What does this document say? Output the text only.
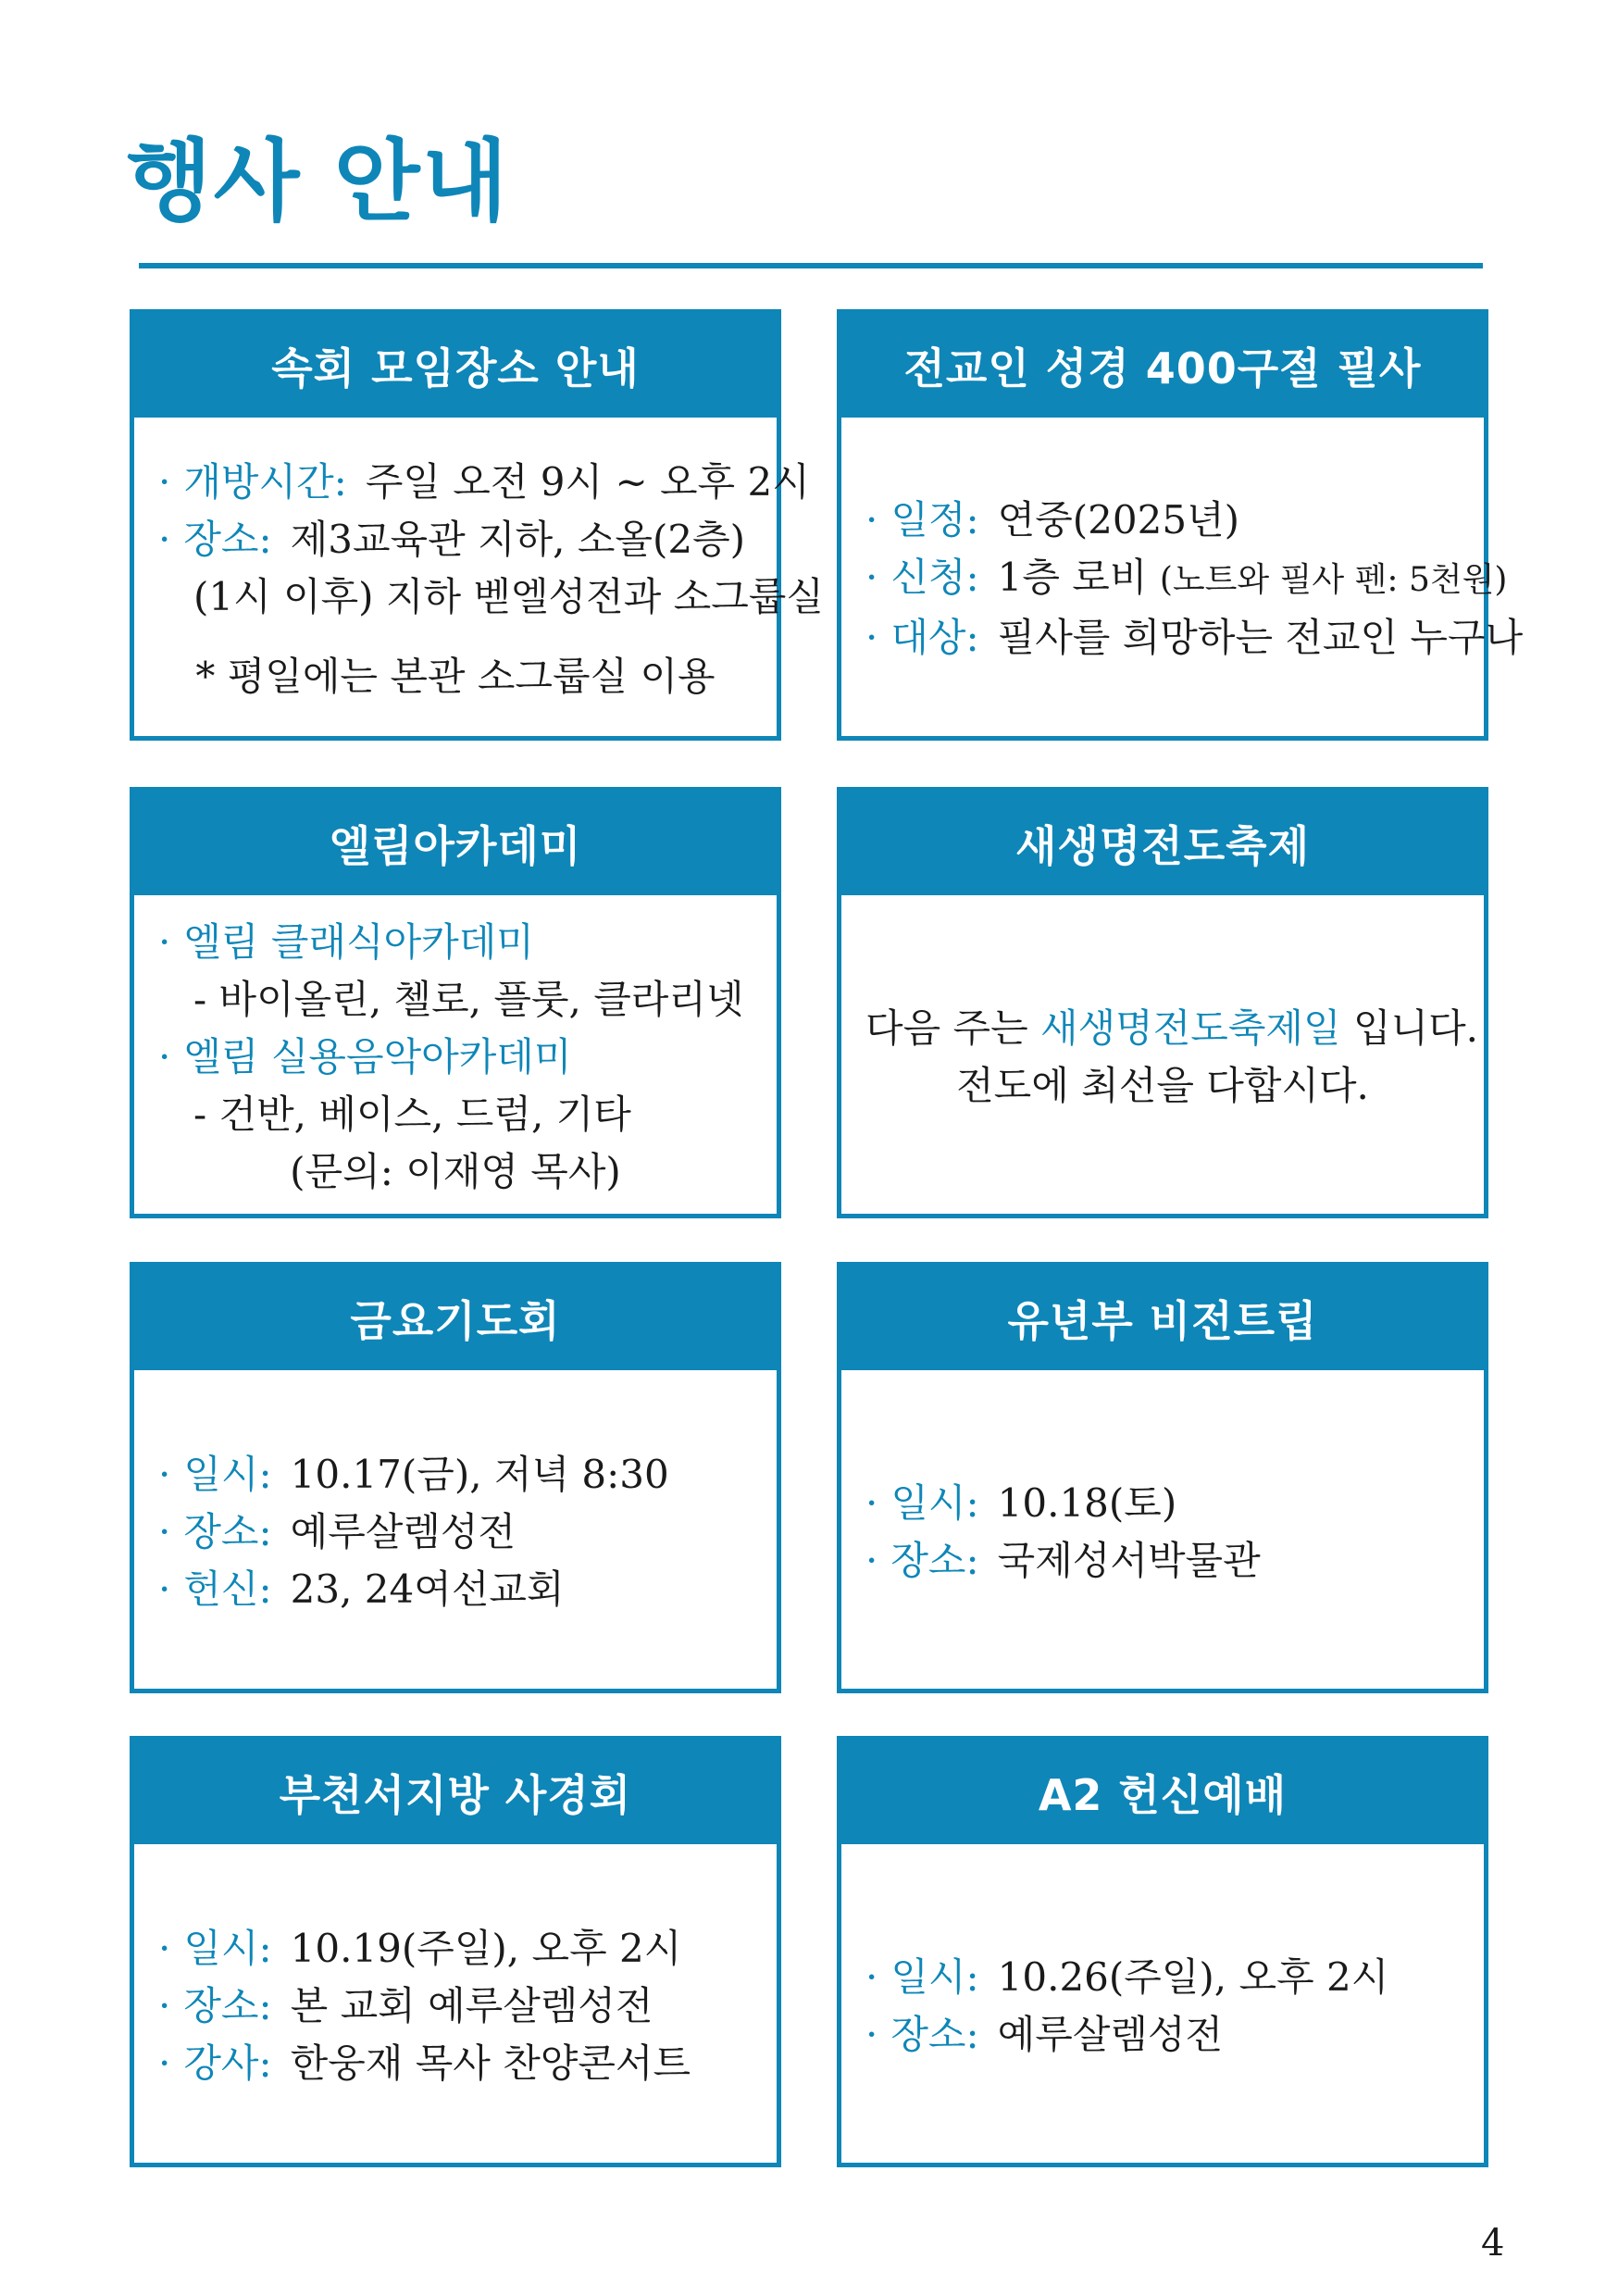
행사 안내
속회 모임장소 안내
· 개방시간: 주일 오전 9시 ~ 오후 2시
· 장소: 제3교육관 지하, 소올(2층)
(1시 이후) 지하 벧엘성전과 소그룹실
* 평일에는 본관 소그룹실 이용
전교인 성경 400구절 필사
· 일정: 연중(2025년)
· 신청: 1층 로비 (노트와 필사 펜: 5천원)
· 대상: 필사를 희망하는 전교인 누구나
엘림아카데미
· 엘림 클래식아카데미
- 바이올린, 첼로, 플룻, 클라리넷
· 엘림 실용음악아카데미
- 건반, 베이스, 드럼, 기타
(문의: 이재영 목사)
새생명전도축제
다음 주는 새생명전도축제일 입니다.
전도에 최선을 다합시다.
금요기도회
· 일시: 10.17(금), 저녁 8:30
· 장소: 예루살렘성전
· 헌신: 23, 24여선교회
유년부 비전트립
· 일시: 10.18(토)
· 장소: 국제성서박물관
부천서지방 사경회
· 일시: 10.19(주일), 오후 2시
· 장소: 본 교회 예루살렘성전
· 강사: 한웅재 목사 찬양콘서트
A2 헌신예배
· 일시: 10.26(주일), 오후 2시
· 장소: 예루살렘성전
4
